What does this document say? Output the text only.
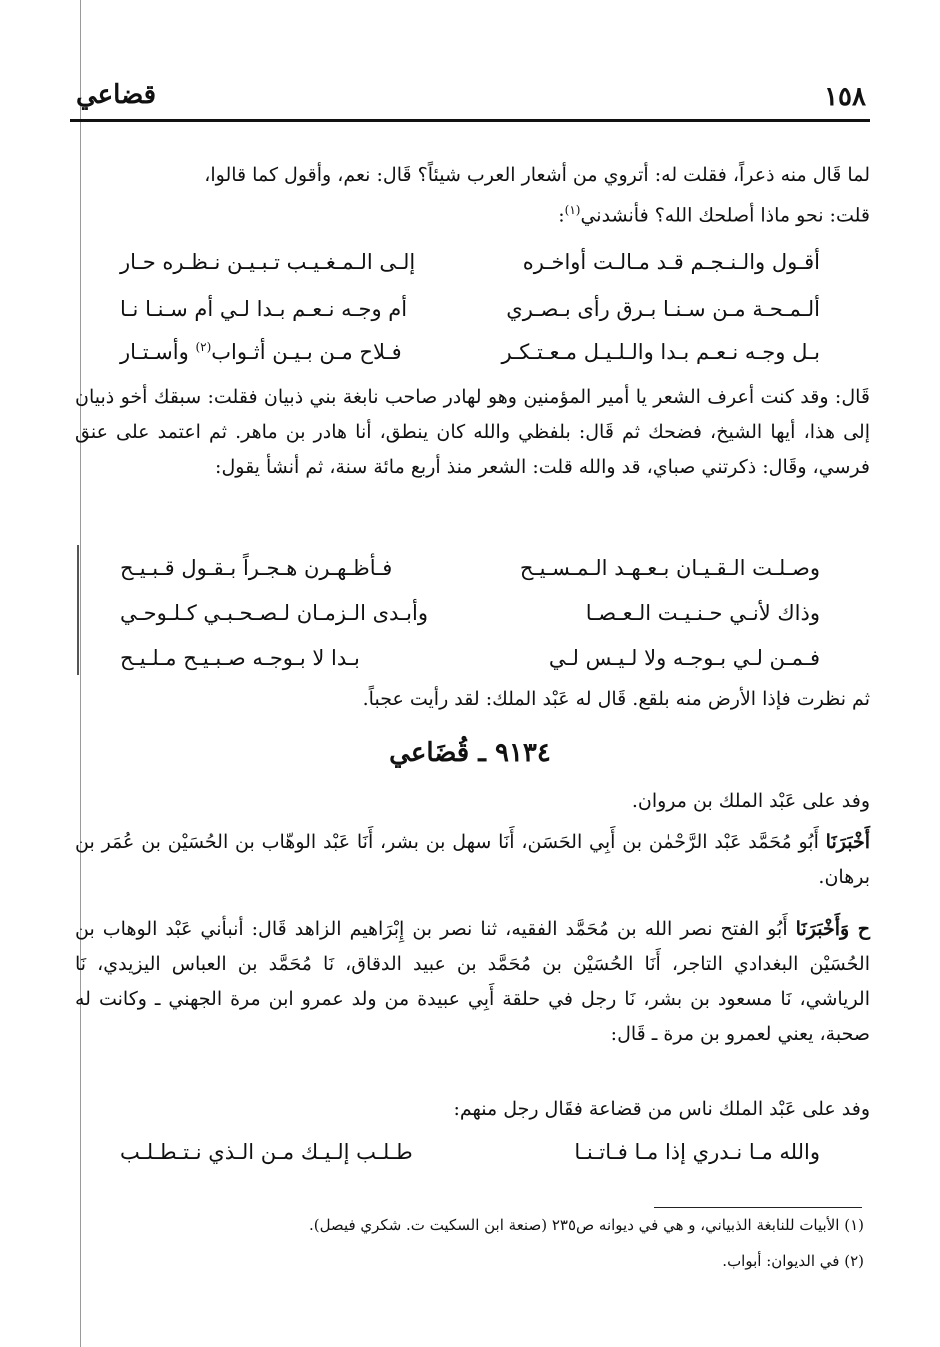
١٥٨
قضاعي

لما قَال منه ذعراً، فقلت له: أتروي من أشعار العرب شيئاً؟ قَال: نعم، وأقول كما قالوا،
قلت: نحو ماذا أصلحك الله؟ فأنشدني$^{(١)}$:

أقـول والـنـجـم قـد مـالـت أواخـره
إلـى الـمـغـيـب تـبـيـن نـظـره حـار
ألـمـحـة مـن سـنـا بـرق رأى بـصـري
أم وجـه نـعـم بـدا لـي أم سـنـا نـا
بـل وجـه نـعـم بـدا والـلـيـل مـعـتـكـر
فـلاح مـن بـيـن أثـواب$^{(٢)}$ وأسـتـار

قَال: وقد كنت أعرف الشعر يا أمير المؤمنين وهو لهادر صاحب نابغة بني ذبيان فقلت: سبقك أخو ذبيان إلى هذا، أيها الشيخ، فضحك ثم قَال: بلفظي والله كان ينطق، أنا هادر بن ماهر. ثم اعتمد على عنق فرسي، وقَال: ذكرتني صباي، قد والله قلت: الشعر منذ أربع مائة سنة، ثم أنشأ يقول:

وصـلـت الـقـيـان بـعـهـد الـمـسـيـح
فـأظـهـرن هـجـراً بـقـول قـبـيـح
وذاك لأنـي حـنـيـت الـعـصـا
وأبـدى الـزمـان لـصـحـبـي كـلـوحـي
فـمـن لـي بـوجـه ولا لـيـس لـي
بـدا لا بـوجـه صـبـيـح مـلـيـح

ثم نظرت فإذا الأرض منه بلقع. قَال له عَبْد الملك: لقد رأيت عجباً.

٩١٣٤ ـ قُضَاعي

وفد على عَبْد الملك بن مروان.

أَخْبَرَنَا أَبُو مُحَمَّد عَبْد الرَّحْمٰن بن أَبِي الحَسَن، أَنَا سهل بن بشر، أَنَا عَبْد الوهّاب بن الحُسَيْن بن عُمَر بن برهان.

ح وَأَخْبَرَنَا أَبُو الفتح نصر الله بن مُحَمَّد الفقيه، ثنا نصر بن إِبْرَاهيم الزاهد قَال: أنبأني عَبْد الوهاب بن الحُسَيْن البغدادي التاجر، أَنَا الحُسَيْن بن مُحَمَّد بن عبيد الدقاق، نَا مُحَمَّد بن العباس اليزيدي، نَا الرياشي، نَا مسعود بن بشر، نَا رجل في حلقة أَبِي عبيدة من ولد عمرو ابن مرة الجهني ـ وكانت له صحبة، يعني لعمرو بن مرة ـ قَال:

وفد على عَبْد الملك ناس من قضاعة فقَال رجل منهم:

والله مـا نـدري إذا مـا فـاتـنـا
طـلـب إلـيـك مـن الـذي نـتـطـلـب
(١) الأبيات للنابغة الذبياني، و هي في ديوانه ص٢٣٥ (صنعة ابن السكيت ت. شكري فيصل).
(٢) في الديوان: أبواب.
